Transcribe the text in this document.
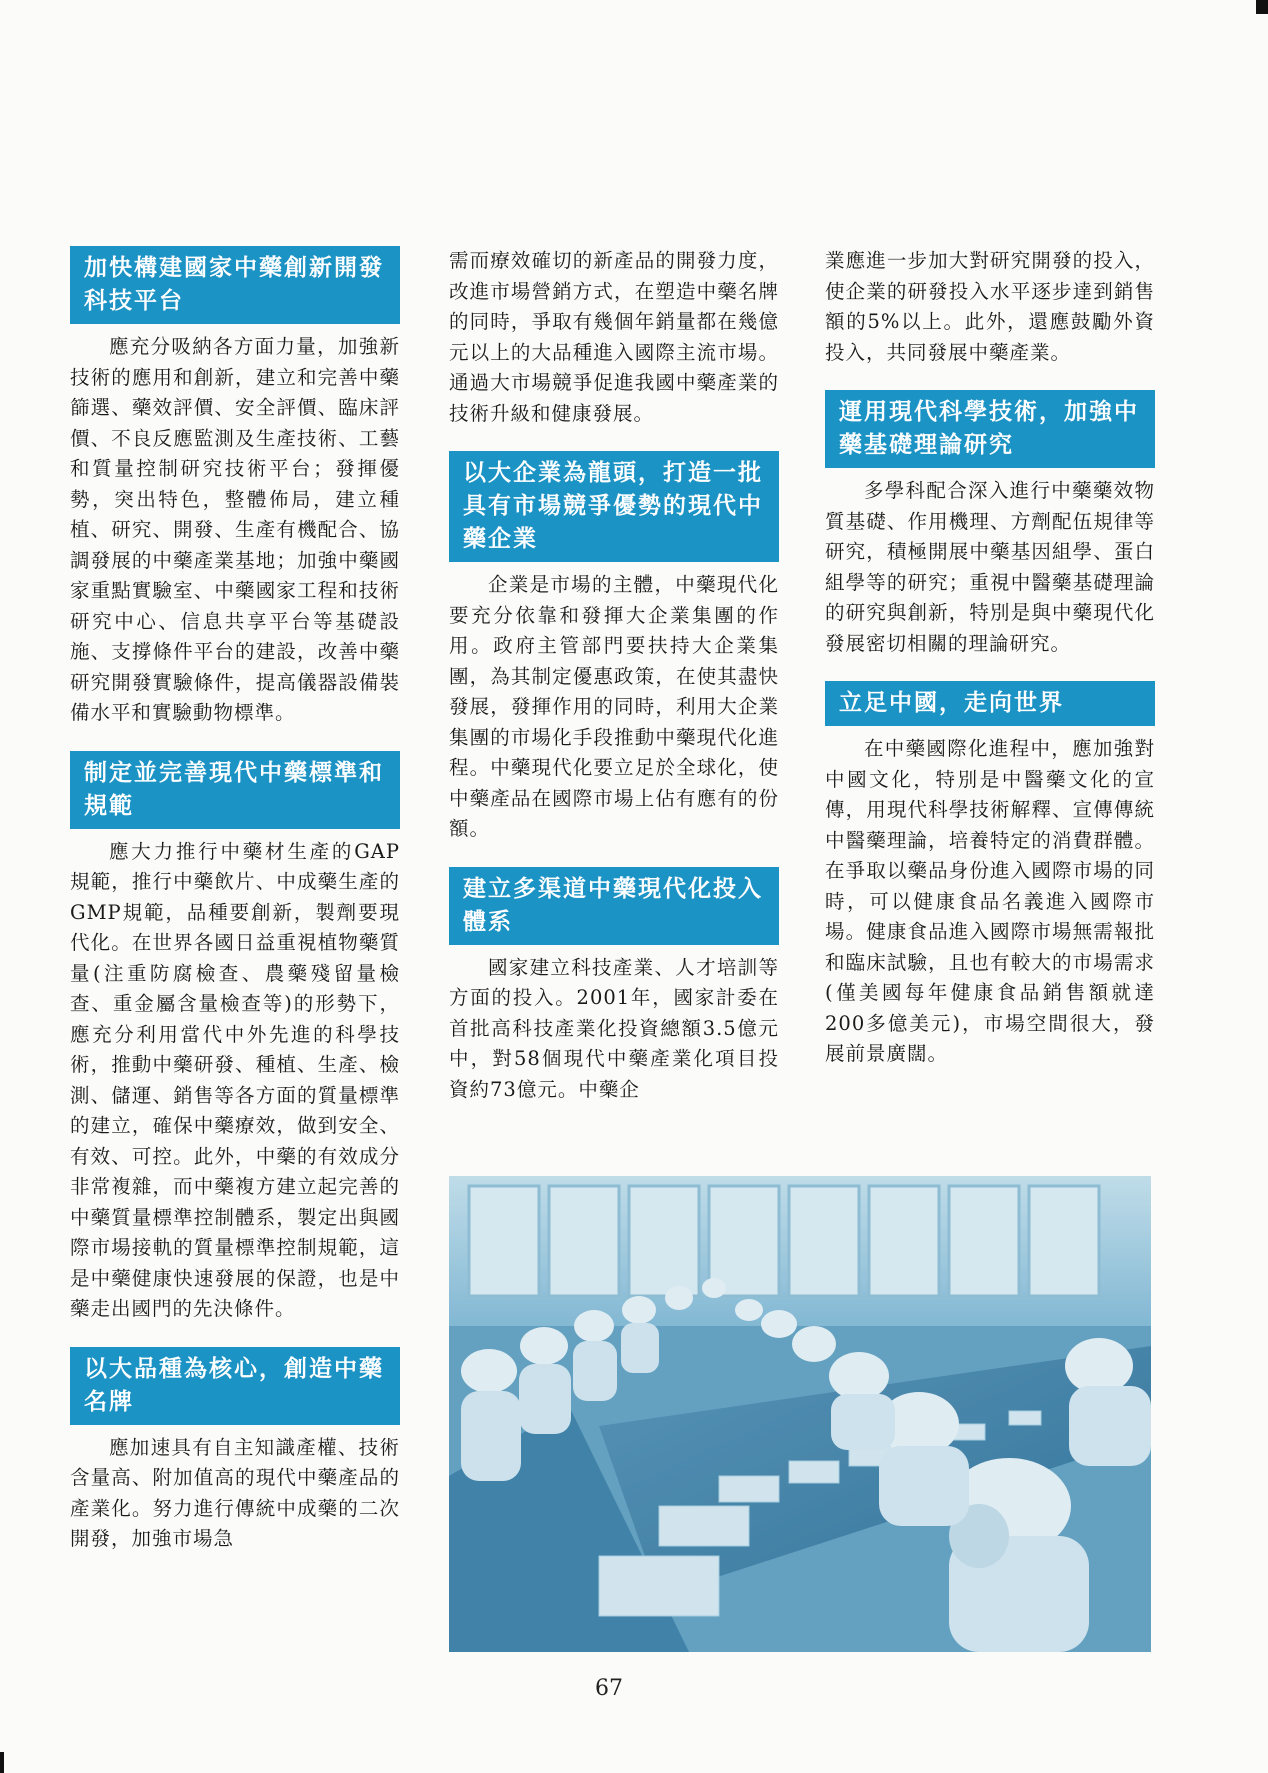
加快構建國家中藥創新開發科技平台

應充分吸納各方面力量，加強新技術的應用和創新，建立和完善中藥篩選、藥效評價、安全評價、臨床評價、不良反應監測及生產技術、工藝和質量控制研究技術平台；發揮優勢，突出特色，整體佈局，建立種植、研究、開發、生產有機配合、協調發展的中藥產業基地；加強中藥國家重點實驗室、中藥國家工程和技術研究中心、信息共享平台等基礎設施、支撐條件平台的建設，改善中藥研究開發實驗條件，提高儀器設備裝備水平和實驗動物標準。

制定並完善現代中藥標準和規範

應大力推行中藥材生產的GAP規範，推行中藥飲片、中成藥生產的GMP規範，品種要創新，製劑要現代化。在世界各國日益重視植物藥質量(注重防腐檢查、農藥殘留量檢查、重金屬含量檢查等)的形勢下，應充分利用當代中外先進的科學技術，推動中藥研發、種植、生產、檢測、儲運、銷售等各方面的質量標準的建立，確保中藥療效，做到安全、有效、可控。此外，中藥的有效成分非常複雜，而中藥複方建立起完善的中藥質量標準控制體系，製定出與國際市場接軌的質量標準控制規範，這是中藥健康快速發展的保證，也是中藥走出國門的先決條件。

以大品種為核心，創造中藥名牌

應加速具有自主知識產權、技術含量高、附加值高的現代中藥產品的產業化。努力進行傳統中成藥的二次開發，加強市場急

需而療效確切的新產品的開發力度，改進市場營銷方式，在塑造中藥名牌的同時，爭取有幾個年銷量都在幾億元以上的大品種進入國際主流市場。通過大市場競爭促進我國中藥產業的技術升級和健康發展。

以大企業為龍頭，打造一批具有市場競爭優勢的現代中藥企業

企業是市場的主體，中藥現代化要充分依靠和發揮大企業集團的作用。政府主管部門要扶持大企業集團，為其制定優惠政策，在使其盡快發展，發揮作用的同時，利用大企業集團的市場化手段推動中藥現代化進程。中藥現代化要立足於全球化，使中藥產品在國際市場上佔有應有的份額。

建立多渠道中藥現代化投入體系

國家建立科技產業、人才培訓等方面的投入。2001年，國家計委在首批高科技產業化投資總額3.5億元中，對58個現代中藥產業化項目投資約73億元。中藥企

業應進一步加大對研究開發的投入，使企業的研發投入水平逐步達到銷售額的5%以上。此外，還應鼓勵外資投入，共同發展中藥產業。

運用現代科學技術，加強中藥基礎理論研究

多學科配合深入進行中藥藥效物質基礎、作用機理、方劑配伍規律等研究，積極開展中藥基因組學、蛋白組學等的研究；重視中醫藥基礎理論的研究與創新，特別是與中藥現代化發展密切相關的理論研究。

立足中國，走向世界

在中藥國際化進程中，應加強對中國文化，特別是中醫藥文化的宣傳，用現代科學技術解釋、宣傳傳統中醫藥理論，培養特定的消費群體。在爭取以藥品身份進入國際市場的同時，可以健康食品名義進入國際市場。健康食品進入國際市場無需報批和臨床試驗，且也有較大的市場需求(僅美國每年健康食品銷售額就達200多億美元)，市場空間很大，發展前景廣闊。

67
